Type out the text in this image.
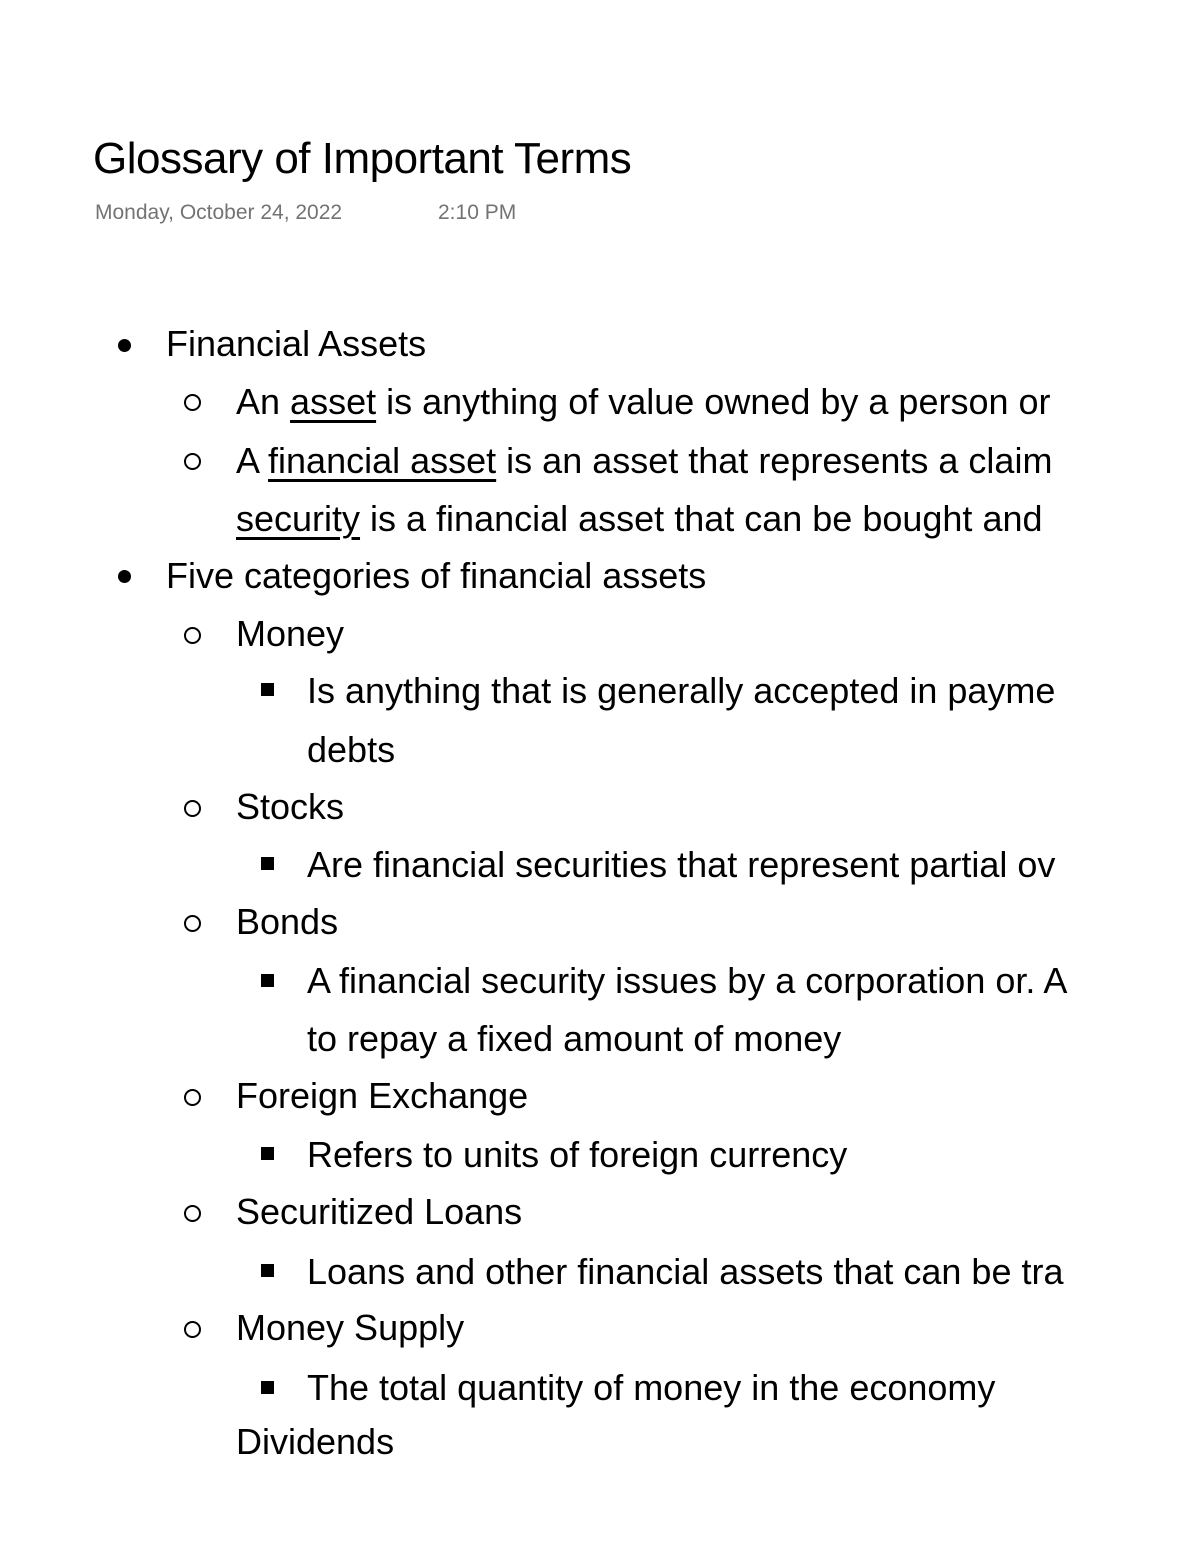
Glossary of Important Terms
Monday, October 24, 2022	2:10 PM
Financial Assets
An asset is anything of value owned by a person or
A financial asset is an asset that represents a claim
security is a financial asset that can be bought and
Five categories of financial assets
Money
Is anything that is generally accepted in payme
debts
Stocks
Are financial securities that represent partial ov
Bonds
A financial security issues by a corporation or. A
to repay a fixed amount of money
Foreign Exchange
Refers to units of foreign currency
Securitized Loans
Loans and other financial assets that can be tra
Money Supply
The total quantity of money in the economy
Dividends
